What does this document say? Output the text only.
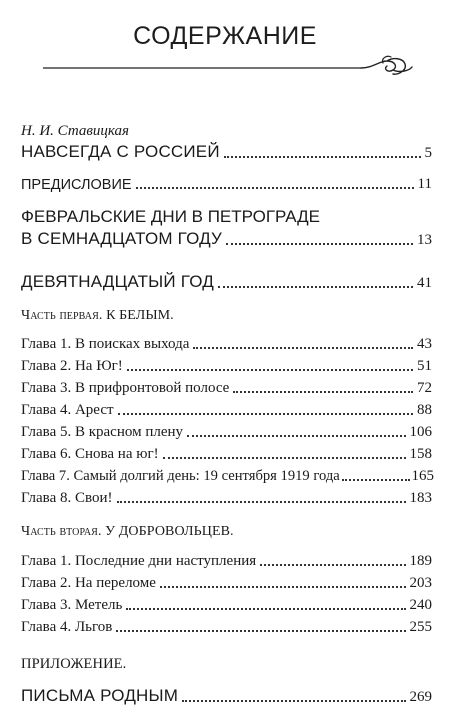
СОДЕРЖАНИЕ
Н. И. Ставицкая
НАВСЕГДА С РОССИЕЙ	5
ПРЕДИСЛОВИЕ	11
ФЕВРАЛЬСКИЕ ДНИ В ПЕТРОГРАДЕ
В СЕМНАДЦАТОМ ГОДУ	13
ДЕВЯТНАДЦАТЫЙ ГОД	41
Часть первая. К БЕЛЫМ.
Глава 1. В поисках выхода	43
Глава 2. На Юг!	51
Глава 3. В прифронтовой полосе	72
Глава 4. Арест	88
Глава 5. В красном плену	106
Глава 6. Снова на юг!	158
Глава 7. Самый долгий день: 19 сентября 1919 года	165
Глава 8. Свои!	183
Часть вторая. У ДОБРОВОЛЬЦЕВ.
Глава 1. Последние дни наступления	189
Глава 2. На переломе	203
Глава 3. Метель	240
Глава 4. Льгов	255
ПРИЛОЖЕНИЕ.
ПИСЬМА РОДНЫМ	269
